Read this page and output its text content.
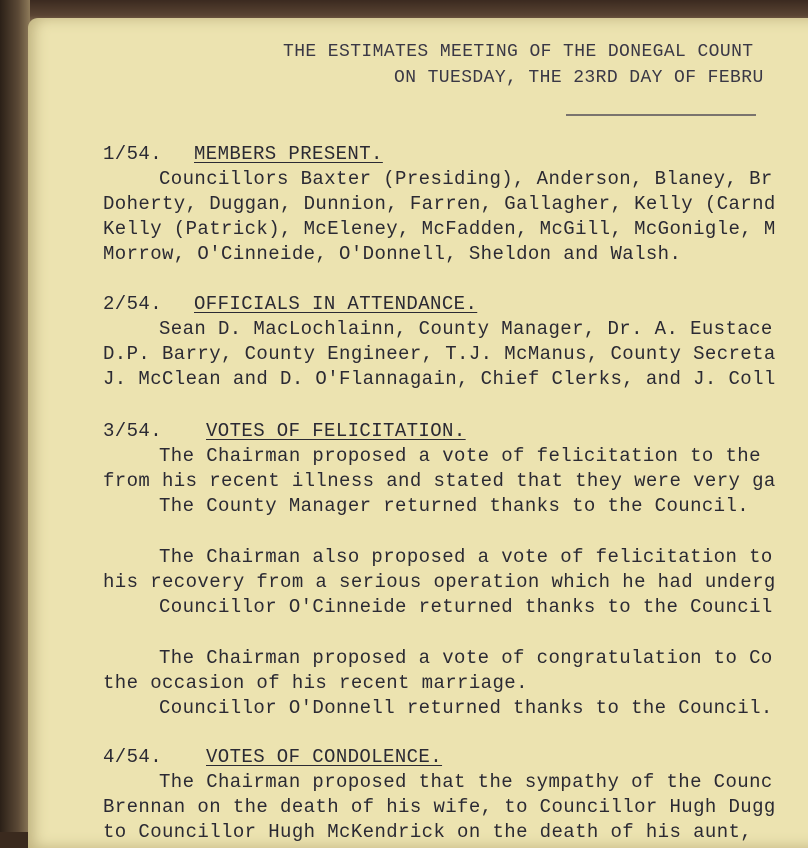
THE ESTIMATES MEETING OF THE DONEGAL COUNT
ON TUESDAY, THE 23RD DAY OF FEBRU
1/54. MEMBERS PRESENT.
Councillors Baxter (Presiding), Anderson, Blaney, Br
Doherty, Duggan, Dunnion, Farren, Gallagher, Kelly (Carnd
Kelly (Patrick), McEleney, McFadden, McGill, McGonigle, M
Morrow, O'Cinneide, O'Donnell, Sheldon and Walsh.
2/54. OFFICIALS IN ATTENDANCE.
Sean D. MacLochlainn, County Manager, Dr. A. Eustace
D.P. Barry, County Engineer, T.J. McManus, County Secreta
J. McClean and D. O'Flannagain, Chief Clerks, and J. Coll
3/54. VOTES OF FELICITATION.
The Chairman proposed a vote of felicitation to the
from his recent illness and stated that they were very ga
The County Manager returned thanks to the Council.
The Chairman also proposed a vote of felicitation to
his recovery from a serious operation which he had underg
Councillor O'Cinneide returned thanks to the Council
The Chairman proposed a vote of congratulation to Co
the occasion of his recent marriage.
Councillor O'Donnell returned thanks to the Council.
4/54. VOTES OF CONDOLENCE.
The Chairman proposed that the sympathy of the Counc
Brennan on the death of his wife, to Councillor Hugh Dugg
to Councillor Hugh McKendrick on the death of his aunt,
